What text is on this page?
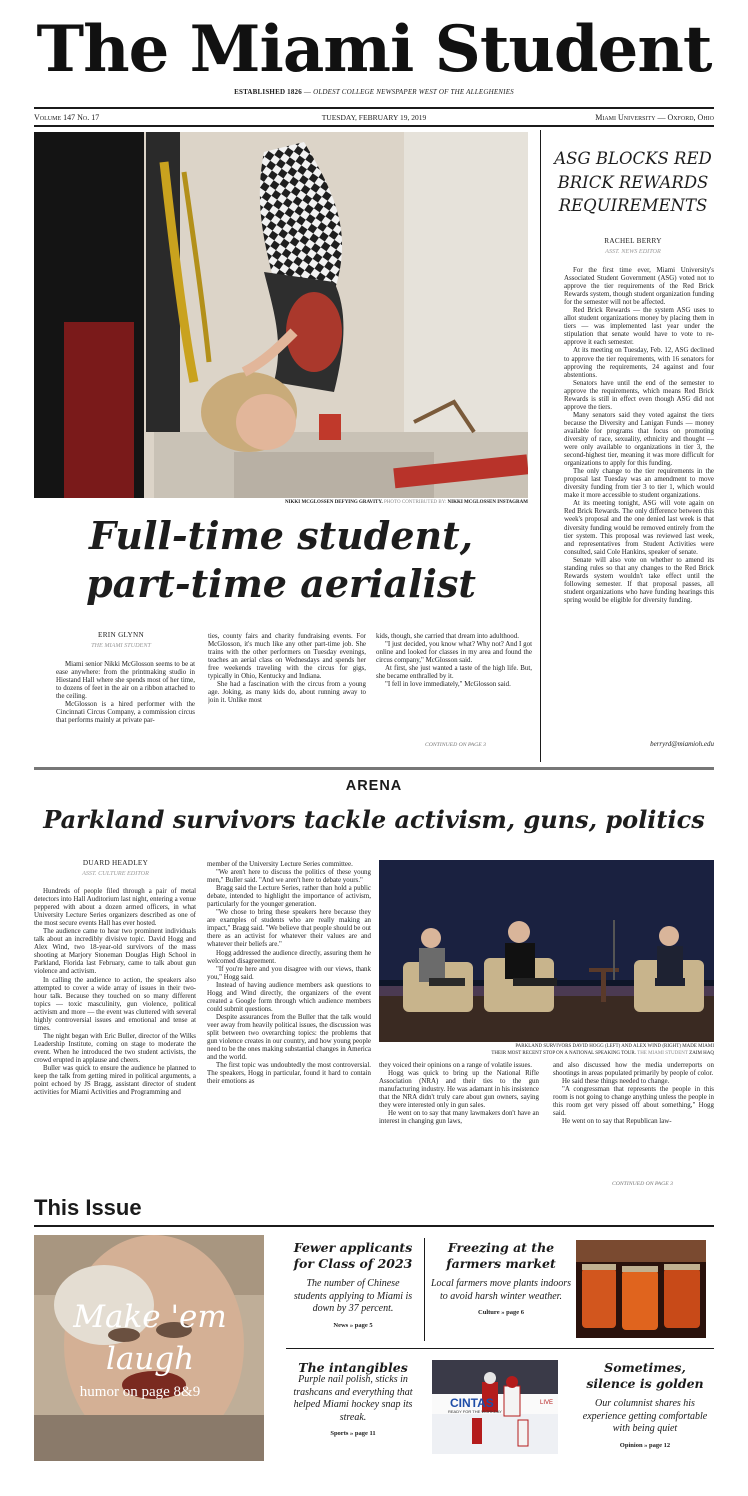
The Miami Student
ESTABLISHED 1826 — OLDEST COLLEGE NEWSPAPER WEST OF THE ALLEGHENIES
Volume 147 No. 17	TUESDAY, FEBRUARY 19, 2019	Miami University — Oxford, Ohio
NIKKI MCGLOSSEN DEFYING GRAVITY. PHOTO CONTRIBUTED BY: NIKKI MCGLOSSEN INSTAGRAM
Full-time student,
part-time aerialist
ERIN GLYNN
THE MIAMI STUDENT

Miami senior Nikki McGlosson seems to be at ease anywhere: from the printmaking studio in Hiestand Hall where she spends most of her time, to dozens of feet in the air on a ribbon attached to the ceiling.

McGlosson is a hired performer with the Cincinnati Circus Company, a commission circus that performs mainly at private par-

ties, county fairs and charity fundraising events. For McGlosson, it's much like any other part-time job. She trains with the other performers on Tuesday evenings, teaches an aerial class on Wednesdays and spends her free weekends traveling with the circus for gigs, typically in Ohio, Kentucky and Indiana.

She had a fascination with the circus from a young age. Joking, as many kids do, about running away to join it. Unlike most

kids, though, she carried that dream into adulthood.

"I just decided, you know what? Why not? And I got online and looked for classes in my area and found the circus company," McGlosson said.

At first, she just wanted a taste of the high life. But, she became enthralled by it.

"I fell in love immediately," McGlosson said.

CONTINUED ON PAGE 3
ASG BLOCKS RED
BRICK REWARDS
REQUIREMENTS
RACHEL BERRY
ASST. NEWS EDITOR

For the first time ever, Miami University's Associated Student Government (ASG) voted not to approve the tier requirements of the Red Brick Rewards system, though student organization funding for the semester will not be affected.

Red Brick Rewards — the system ASG uses to allot student organizations money by placing them in tiers — was implemented last year under the stipulation that senate would have to vote to re-approve it each semester.

At its meeting on Tuesday, Feb. 12, ASG declined to approve the tier requirements, with 16 senators for approving the requirements, 24 against and four abstentions.

Senators have until the end of the semester to approve the requirements, which means Red Brick Rewards is still in effect even though ASG did not approve the tiers.

Many senators said they voted against the tiers because the Diversity and Lanigan Funds — money available for programs that focus on promoting diversity of race, sexuality, ethnicity and thought — were only available to organizations in tier 3, the second-highest tier, meaning it was more difficult for organizations to apply for this funding.

The only change to the tier requirements in the proposal last Tuesday was an amendment to move diversity funding from tier 3 to tier 1, which would make it more accessible to student organizations.

At its meeting tonight, ASG will vote again on Red Brick Rewards. The only difference between this week's proposal and the one denied last week is that diversity funding would be removed entirely from the tier system. This proposal was reviewed last week, and representatives from Student Activities were consulted, said Cole Hankins, speaker of senate.

Senate will also vote on whether to amend its standing rules so that any changes to the Red Brick Rewards system wouldn't take effect until the following semester. If that proposal passes, all student organizations who have funding hearings this spring would be eligible for diversity funding.

berryrd@miamioh.edu
ARENA
Parkland survivors tackle activism, guns, politics
DUARD HEADLEY
ASST. CULTURE EDITOR

Hundreds of people filed through a pair of metal detectors into Hall Auditorium last night, entering a venue peppered with about a dozen armed officers, in what University Lecture Series organizers described as one of the most secure events Hall has ever hosted.

The audience came to hear two prominent individuals talk about an incredibly divisive topic. David Hogg and Alex Wind, two 18-year-old survivors of the mass shooting at Marjory Stoneman Douglas High School in Parkland, Florida last February, came to talk about gun violence and activism.

In calling the audience to action, the speakers also attempted to cover a wide array of issues in their two-hour talk. Because they touched on so many different topics — toxic masculinity, gun violence, political activism and more — the event was cluttered with several highly controversial issues and emotional and tense at times.

The night began with Eric Buller, director of the Wilks Leadership Institute, coming on stage to moderate the event. When he introduced the two student activists, the crowd erupted in applause and cheers.

Buller was quick to ensure the audience he planned to keep the talk from getting mired in political arguments, a point echoed by JS Bragg, assistant director of student activities for Miami Activities and Programming and

member of the University Lecture Series committee.

"We aren't here to discuss the politics of these young men," Buller said. "And we aren't here to debate yours."

Bragg said the Lecture Series, rather than hold a public debate, intended to highlight the importance of activism, particularly for the younger generation.

"We chose to bring these speakers here because they are examples of students who are really making an impact," Bragg said. "We believe that people should be out there as an activist for whatever their values are and whatever their beliefs are."

Hogg addressed the audience directly, assuring them he welcomed disagreement.

"If you're here and you disagree with our views, thank you," Hogg said.

Instead of having audience members ask questions to Hogg and Wind directly, the organizers of the event created a Google form through which audience members could submit questions.

Despite assurances from the Buller that the talk would veer away from heavily political issues, the discussion was split between two overarching topics: the problems that gun violence creates in our country, and how young people need to be the ones making substantial changes in America and the world.

The first topic was undoubtedly the most controversial. The speakers, Hogg in particular, found it hard to contain their emotions as

PARKLAND SURVIVORS DAVID HOGG (LEFT) AND ALEX WIND (RIGHT) MADE MIAMI
THEIR MOST RECENT STOP ON A NATIONAL SPEAKING TOUR. THE MIAMI STUDENT ZAIM HAQ

they voiced their opinions on a range of volatile issues.

Hogg was quick to bring up the National Rifle Association (NRA) and their ties to the gun manufacturing industry. He was adamant in his insistence that the NRA didn't truly care about gun owners, saying they were interested only in gun sales.

He went on to say that many lawmakers don't have an interest in changing gun laws,

and also discussed how the media underreports on shootings in areas populated primarily by people of color.

He said these things needed to change.

"A congressman that represents the people in this room is not going to change anything unless the people in this room get very pissed off about something," Hogg said.

He went on to say that Republican law-

CONTINUED ON PAGE 3
This Issue
Make 'em
laugh
humor on page 8&9
Fewer applicants
for Class of 2023
The number of Chinese students applying to Miami is down by 37 percent.
News » page 5
Freezing at the
farmers market
Local farmers move plants indoors to avoid harsh winter weather.
Culture » page 6
The intangibles
Purple nail polish, sticks in trashcans and everything that helped Miami hockey snap its streak.
Sports » page 11
CINTAS
READY FOR THE WORKDAY
LIVE
Sometimes,
silence is golden
Our columnist shares his experience getting comfortable with being quiet
Opinion » page 12
